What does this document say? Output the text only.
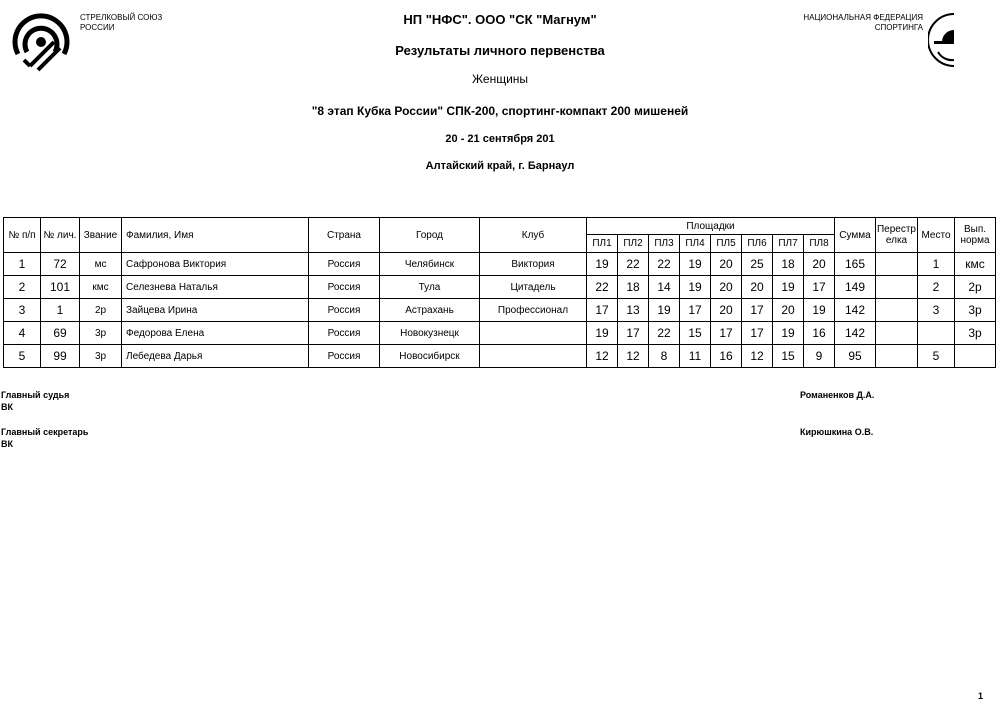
СТРЕЛКОВЫЙ СОЮЗ
РОССИИ
НАЦИОНАЛЬНАЯ ФЕДЕРАЦИЯ
СПОРТИНГА
НП "НФС". ООО "СК "Магнум"
Результаты личного первенства
Женщины
"8 этап Кубка России" СПК-200, спортинг-компакт 200 мишеней
20 - 21 сентября 201
Алтайский край, г. Барнаул
№ п/п	№ лич.	Звание	Фамилия, Имя	Страна	Город	Клуб	Площадки								Сумма	Перестрелка	Место	Вып. норма
							ПЛ1	ПЛ2	ПЛ3	ПЛ4	ПЛ5	ПЛ6	ПЛ7	ПЛ8				
1	72	мс	Сафронова Виктория	Россия	Челябинск	Виктория	19	22	22	19	20	25	18	20	165		1	кмс
2	101	кмс	Селезнева Наталья	Россия	Тула	Цитадель	22	18	14	19	20	20	19	17	149		2	2р
3	1	2р	Зайцева Ирина	Россия	Астрахань	Профессионал	17	13	19	17	20	17	20	19	142		3	3р
4	69	3р	Федорова Елена	Россия	Новокузнецк		19	17	22	15	17	17	19	16	142			3р
5	99	3р	Лебедева Дарья	Россия	Новосибирск		12	12	8	11	16	12	15	9	95		5	
Главный судья
ВК
Романенков Д.А.
Главный секретарь
ВК
Кирюшкина О.В.
1
